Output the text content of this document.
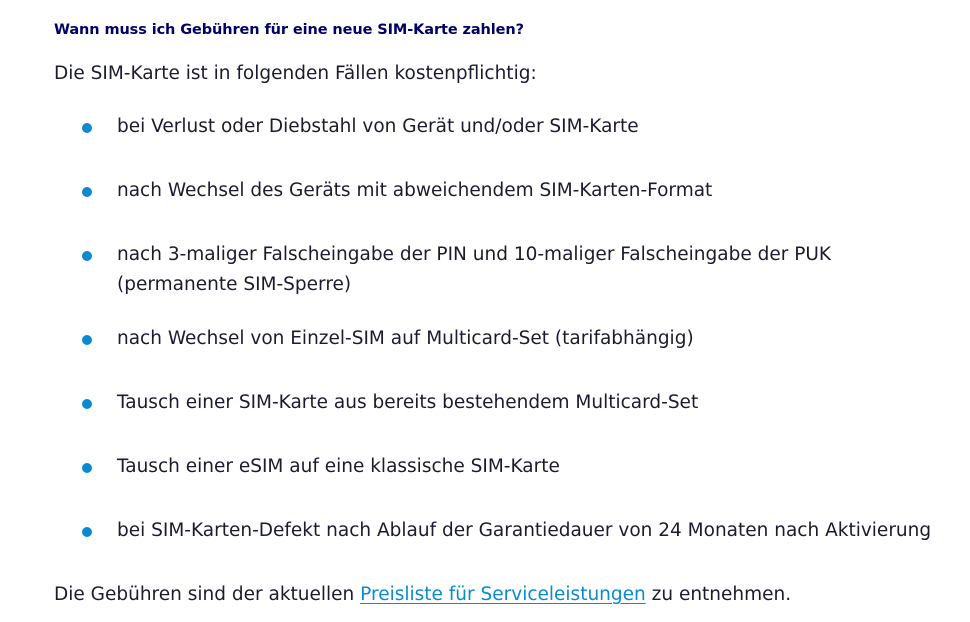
Wann muss ich Gebühren für eine neue SIM-Karte zahlen?

Die SIM-Karte ist in folgenden Fällen kostenpflichtig:

bei Verlust oder Diebstahl von Gerät und/oder SIM-Karte
nach Wechsel des Geräts mit abweichendem SIM-Karten-Format
nach 3-maliger Falscheingabe der PIN und 10-maliger Falscheingabe der PUK (permanente SIM-Sperre)
nach Wechsel von Einzel-SIM auf Multicard-Set (tarifabhängig)
Tausch einer SIM-Karte aus bereits bestehendem Multicard-Set
Tausch einer eSIM auf eine klassische SIM-Karte
bei SIM-Karten-Defekt nach Ablauf der Garantiedauer von 24 Monaten nach Aktivierung

Die Gebühren sind der aktuellen Preisliste für Serviceleistungen zu entnehmen.
